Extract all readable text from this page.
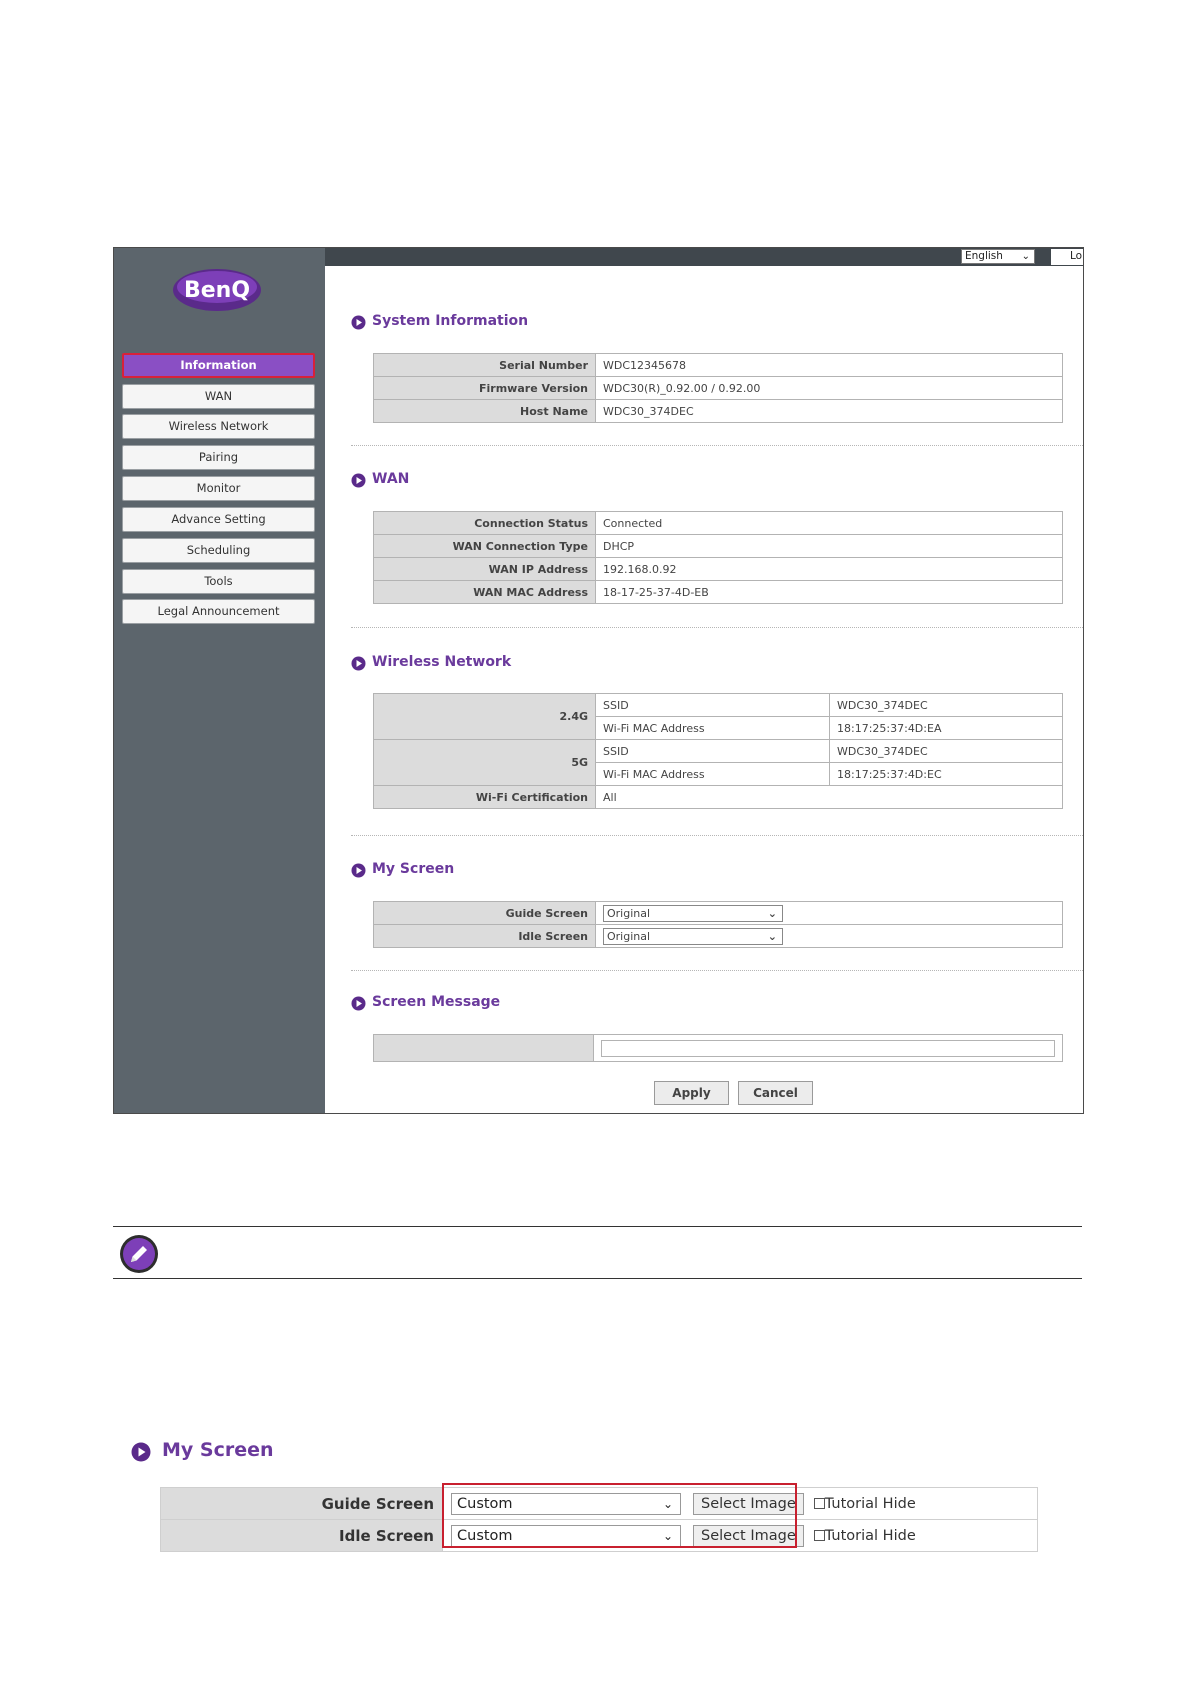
BenQ
Information
WAN
Wireless Network
Pairing
Monitor
Advance Setting
Scheduling
Tools
Legal Announcement
English ⌄	Lo
System Information
Serial Number	WDC12345678
Firmware Version	WDC30(R)_0.92.00 / 0.92.00
Host Name	WDC30_374DEC
WAN
Connection Status	Connected
WAN Connection Type	DHCP
WAN IP Address	192.168.0.92
WAN MAC Address	18-17-25-37-4D-EB
Wireless Network
2.4G	SSID	WDC30_374DEC
	Wi-Fi MAC Address	18:17:25:37:4D:EA
5G	SSID	WDC30_374DEC
	Wi-Fi MAC Address	18:17:25:37:4D:EC
Wi-Fi Certification	All	
My Screen
Guide Screen	Original ⌄

Idle Screen	Original ⌄
Screen Message

Apply	Cancel
My Screen
Guide Screen	Custom ⌄ Select Image Tutorial Hide
Idle Screen	Custom ⌄ Select Image Tutorial Hide
